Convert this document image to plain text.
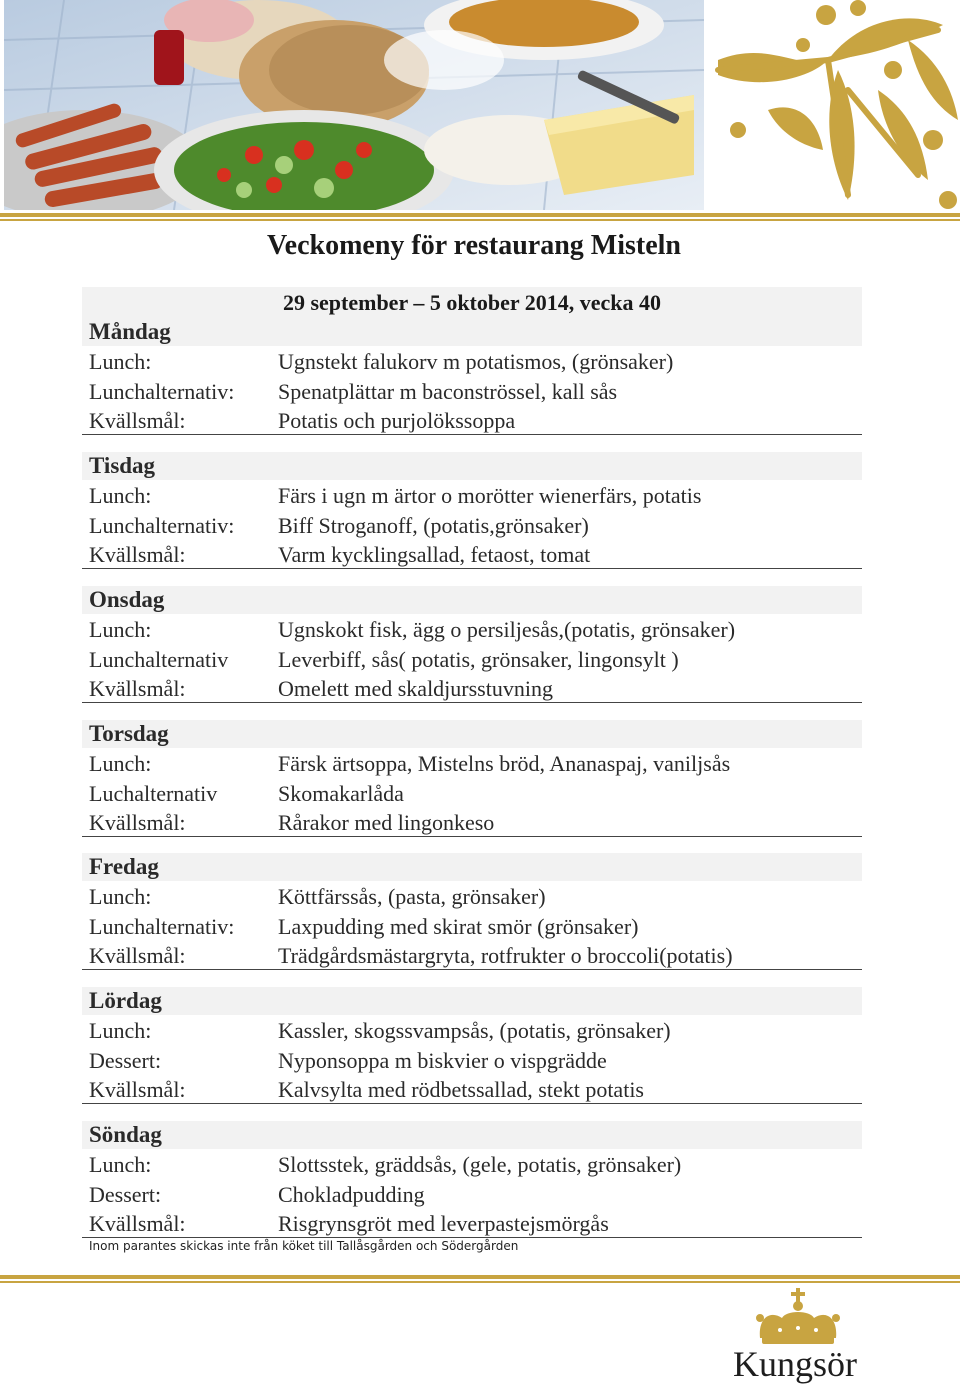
Veckomeny för restaurang Misteln
29 september – 5 oktober 2014, vecka 40
Måndag
Lunch:	Ugnstekt falukorv m potatismos, (grönsaker)
Lunchalternativ: Spenatplättar m baconströssel, kall sås
Kvällsmål:	Potatis och purjolökssoppa
Tisdag
Lunch:	Färs i ugn m ärtor o morötter wienerfärs, potatis
Lunchalternativ: Biff Stroganoff, (potatis,grönsaker)
Kvällsmål:	Varm kycklingsallad, fetaost, tomat
Onsdag
Lunch:	Ugnskokt fisk, ägg o persiljesås,(potatis, grönsaker)
Lunchalternativ Leverbiff, sås( potatis, grönsaker, lingonsylt )
Kvällsmål:	Omelett med skaldjursstuvning
Torsdag
Lunch:	Färsk ärtsoppa, Mistelns bröd, Ananaspaj, vaniljsås
Luchalternativ	Skomakarlåda
Kvällsmål:	Rårakor med lingonkeso
Fredag
Lunch:	Köttfärssås, (pasta, grönsaker)
Lunchalternativ: Laxpudding med skirat smör (grönsaker)
Kvällsmål:	Trädgårdsmästargryta, rotfrukter o broccoli(potatis)
Lördag
Lunch:	Kassler, skogssvampsås, (potatis, grönsaker)
Dessert:	Nyponsoppa m biskvier o vispgrädde
Kvällsmål:	Kalvsylta med rödbetssallad, stekt potatis
Söndag
Lunch:	Slottsstek, gräddsås, (gele, potatis, grönsaker)
Dessert:	Chokladpudding
Kvällsmål:	Risgrynsgröt med leverpastejsmörgås
Inom parantes skickas inte från köket till Tallåsgården och Södergården
Kungsör
